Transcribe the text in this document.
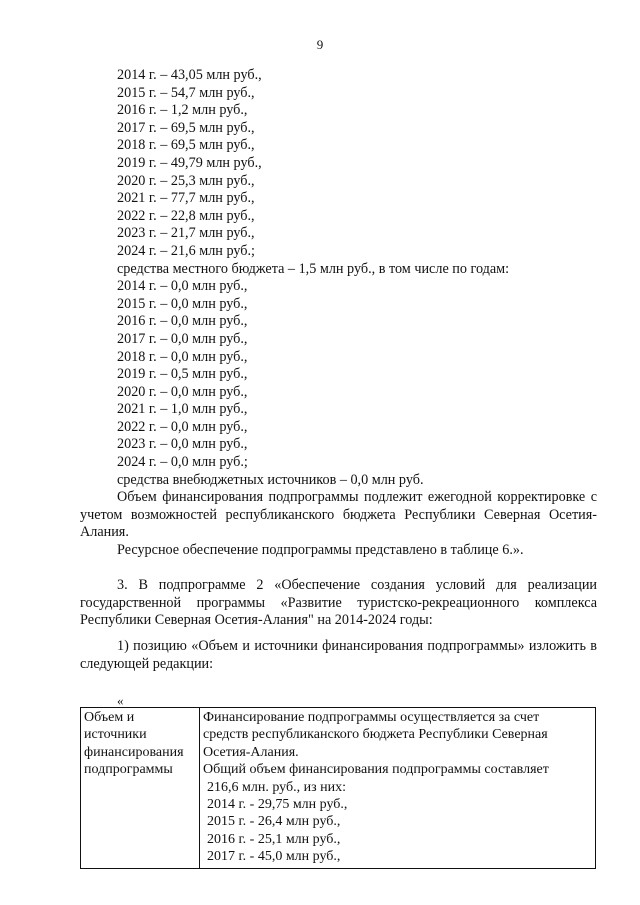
9
2014 г. – 43,05 млн руб.,
2015 г. – 54,7 млн руб.,
2016 г. – 1,2 млн руб.,
2017 г. – 69,5 млн руб.,
2018 г. – 69,5 млн руб.,
2019 г. – 49,79 млн руб.,
2020 г. – 25,3 млн руб.,
2021 г. – 77,7 млн руб.,
2022 г. – 22,8 млн руб.,
2023 г. – 21,7 млн руб.,
2024 г. – 21,6 млн руб.;
средства местного бюджета – 1,5 млн руб., в том числе по годам:
2014 г. – 0,0 млн руб.,
2015 г. – 0,0 млн руб.,
2016 г. – 0,0 млн руб.,
2017 г. – 0,0 млн руб.,
2018 г. – 0,0 млн руб.,
2019 г. – 0,5 млн руб.,
2020 г. – 0,0 млн руб.,
2021 г. – 1,0 млн руб.,
2022 г. – 0,0 млн руб.,
2023 г. – 0,0 млн руб.,
2024 г. – 0,0 млн руб.;
средства внебюджетных источников – 0,0 млн руб.
Объем финансирования подпрограммы подлежит ежегодной корректировке с учетом возможностей республиканского бюджета Республики Северная Осетия-Алания.
Ресурсное обеспечение подпрограммы представлено в таблице 6.».
3. В подпрограмме 2 «Обеспечение создания условий для реализации государственной программы «Развитие туристско-рекреационного комплекса Республики Северная Осетия-Алания" на 2014-2024 годы:
1) позицию «Объем и источники финансирования подпрограммы» изложить в следующей редакции:
«
Объем и
источники
финансирования
подпрограммы

Финансирование подпрограммы осуществляется за счет
средств республиканского бюджета Республики Северная
Осетия-Алания.
Общий объем финансирования подпрограммы составляет
216,6 млн. руб., из них:
2014 г. - 29,75 млн руб.,
2015 г. - 26,4 млн руб.,
2016 г. - 25,1 млн руб.,
2017 г. - 45,0 млн руб.,
